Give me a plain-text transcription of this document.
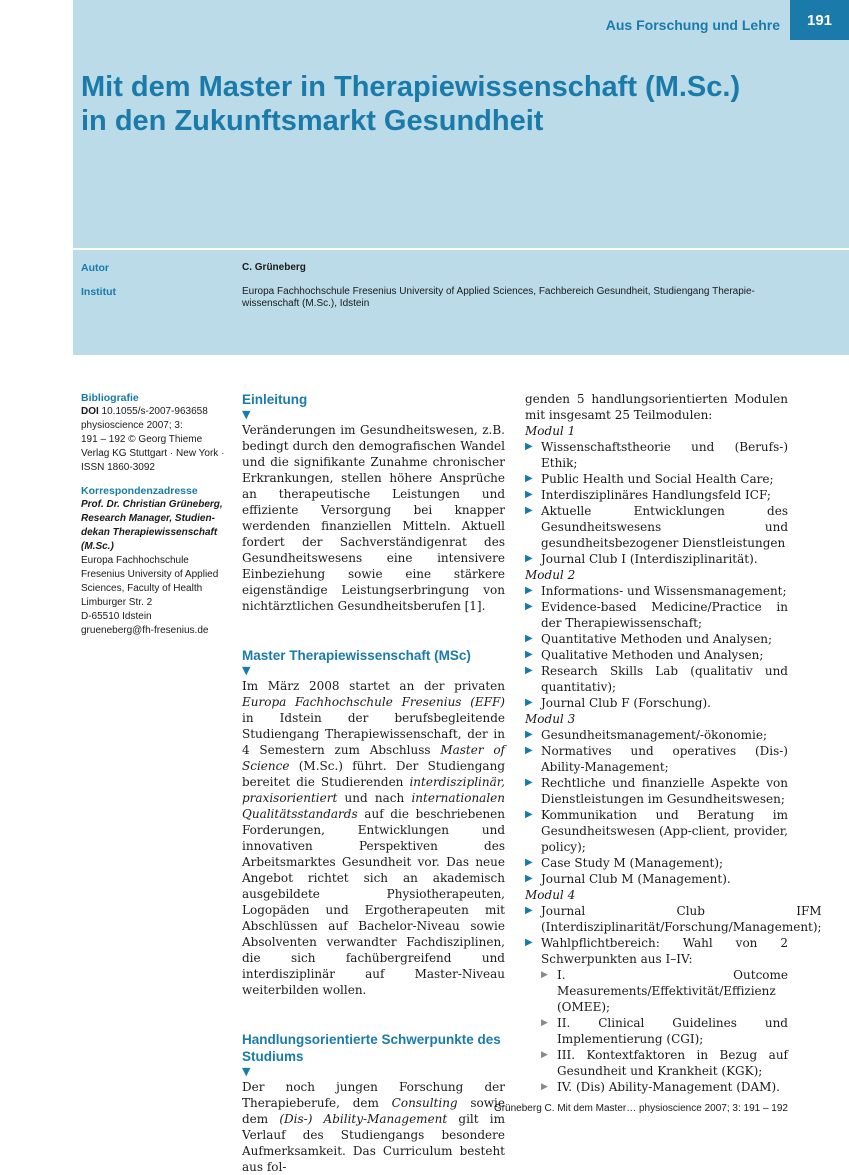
Aus Forschung und Lehre	191
Mit dem Master in Therapiewissenschaft (M.Sc.)
in den Zukunftsmarkt Gesundheit
Autor	C. Grüneberg
Institut	Europa Fachhochschule Fresenius University of Applied Sciences, Fachbereich Gesundheit, Studiengang Therapie-
wissenschaft (M.Sc.), Idstein
Bibliografie
DOI 10.1055/s-2007-963658
physioscience 2007; 3:
191 – 192 © Georg Thieme
Verlag KG Stuttgart · New York ·
ISSN 1860-3092
Korrespondenzadresse
Prof. Dr. Christian Grüneberg,
Research Manager, Studien-
dekan Therapiewissenschaft
(M.Sc.)
Europa Fachhochschule
Fresenius University of Applied
Sciences, Faculty of Health
Limburger Str. 2
D-65510 Idstein
grueneberg@fh-fresenius.de
Einleitung
▼
Veränderungen im Gesundheitswesen, z.B. bedingt durch den demografischen Wandel und die signifikante Zunahme chronischer Erkrankungen, stellen höhere Ansprüche an therapeutische Leistungen und effiziente Versorgung bei knapper werdenden finanziellen Mitteln. Aktuell fordert der Sachverständigenrat des Gesundheitswesens eine intensivere Einbeziehung sowie eine stärkere eigenständige Leistungserbringung von nichtärztlichen Gesundheitsberufen [1].
Master Therapiewissenschaft (MSc)
▼
Im März 2008 startet an der privaten Europa Fachhochschule Fresenius (EFF) in Idstein der berufsbegleitende Studiengang Therapiewissenschaft, der in 4 Semestern zum Abschluss Master of Science (M.Sc.) führt. Der Studiengang bereitet die Studierenden interdisziplinär, praxisorientiert und nach internationalen Qualitätsstandards auf die beschriebenen Forderungen, Entwicklungen und innovativen Perspektiven des Arbeitsmarktes Gesundheit vor. Das neue Angebot richtet sich an akademisch ausgebildete Physiotherapeuten, Logopäden und Ergotherapeuten mit Abschlüssen auf Bachelor-Niveau sowie Absolventen verwandter Fachdisziplinen, die sich fachübergreifend und interdisziplinär auf Master-Niveau weiterbilden wollen.
Handlungsorientierte Schwerpunkte des
Studiums
▼
Der noch jungen Forschung der Therapieberufe, dem Consulting sowie dem (Dis-) Ability-Management gilt im Verlauf des Studiengangs besondere Aufmerksamkeit. Das Curriculum besteht aus fol-
genden 5 handlungsorientierten Modulen mit insgesamt 25 Teilmodulen:
Modul 1
▶ Wissenschaftstheorie und (Berufs-) Ethik;
▶ Public Health und Social Health Care;
▶ Interdisziplinäres Handlungsfeld ICF;
▶ Aktuelle Entwicklungen des Gesundheitswesens und gesundheitsbezogener Dienstleistungen
▶ Journal Club I (Interdisziplinarität).
Modul 2
▶ Informations- und Wissensmanagement;
▶ Evidence-based Medicine/Practice in der Therapiewissenschaft;
▶ Quantitative Methoden und Analysen;
▶ Qualitative Methoden und Analysen;
▶ Research Skills Lab (qualitativ und quantitativ);
▶ Journal Club F (Forschung).
Modul 3
▶ Gesundheitsmanagement/-ökonomie;
▶ Normatives und operatives (Dis-) Ability-Management;
▶ Rechtliche und finanzielle Aspekte von Dienstleistungen im Gesundheitswesen;
▶ Kommunikation und Beratung im Gesundheitswesen (App-client, provider, policy);
▶ Case Study M (Management);
▶ Journal Club M (Management).
Modul 4
▶ Journal Club IFM (Interdisziplinarität/Forschung/Management);
▶ Wahlpflichtbereich: Wahl von 2 Schwerpunkten aus I–IV:
▶ I. Outcome Measurements/Effektivität/Effizienz (OMEE);
▶ II. Clinical Guidelines und Implementierung (CGI);
▶ III. Kontextfaktoren in Bezug auf Gesundheit und Krankheit (KGK);
▶ IV. (Dis) Ability-Management (DAM).
Grüneberg C. Mit dem Master… physioscience 2007; 3: 191 – 192
